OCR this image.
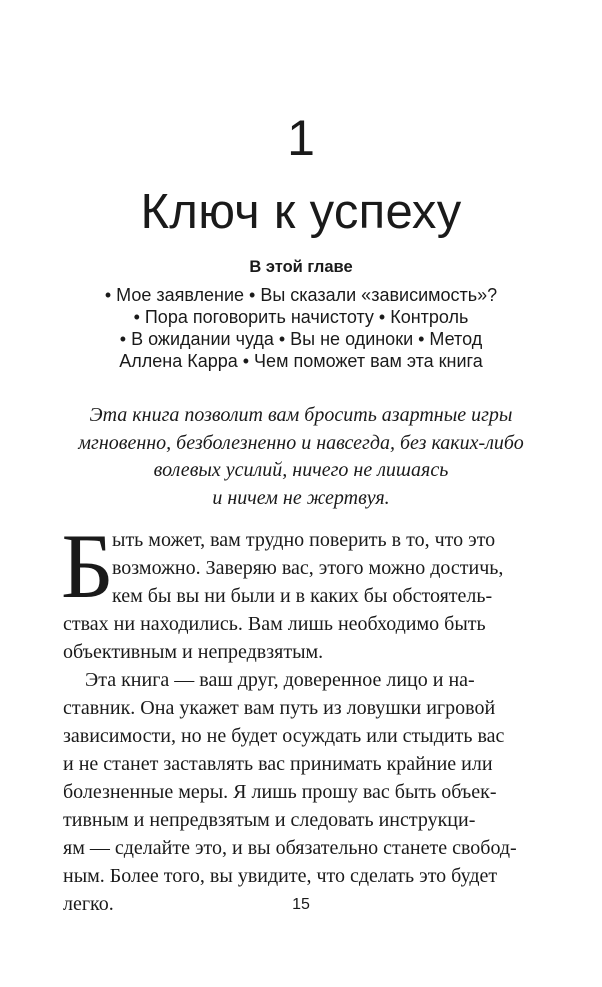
1
Ключ к успеху
В этой главе
• Мое заявление • Вы сказали «зависимость»?
• Пора поговорить начистоту • Контроль
• В ожидании чуда • Вы не одиноки • Метод
Аллена Карра • Чем поможет вам эта книга
Эта книга позволит вам бросить азартные игры
мгновенно, безболезненно и навсегда, без каких-либо
волевых усилий, ничего не лишаясь
и ничем не жертвуя.
Б
ыть может, вам трудно поверить в то, что это
возможно. Заверяю вас, этого можно достичь,
кем бы вы ни были и в каких бы обстоятель-
ствах ни находились. Вам лишь необходимо быть
объективным и непредвзятым.
Эта книга — ваш друг, доверенное лицо и на-
ставник. Она укажет вам путь из ловушки игровой
зависимости, но не будет осуждать или стыдить вас
и не станет заставлять вас принимать крайние или
болезненные меры. Я лишь прошу вас быть объек-
тивным и непредвзятым и следовать инструкци-
ям — сделайте это, и вы обязательно станете свобод-
ным. Более того, вы увидите, что сделать это будет
легко.	15
